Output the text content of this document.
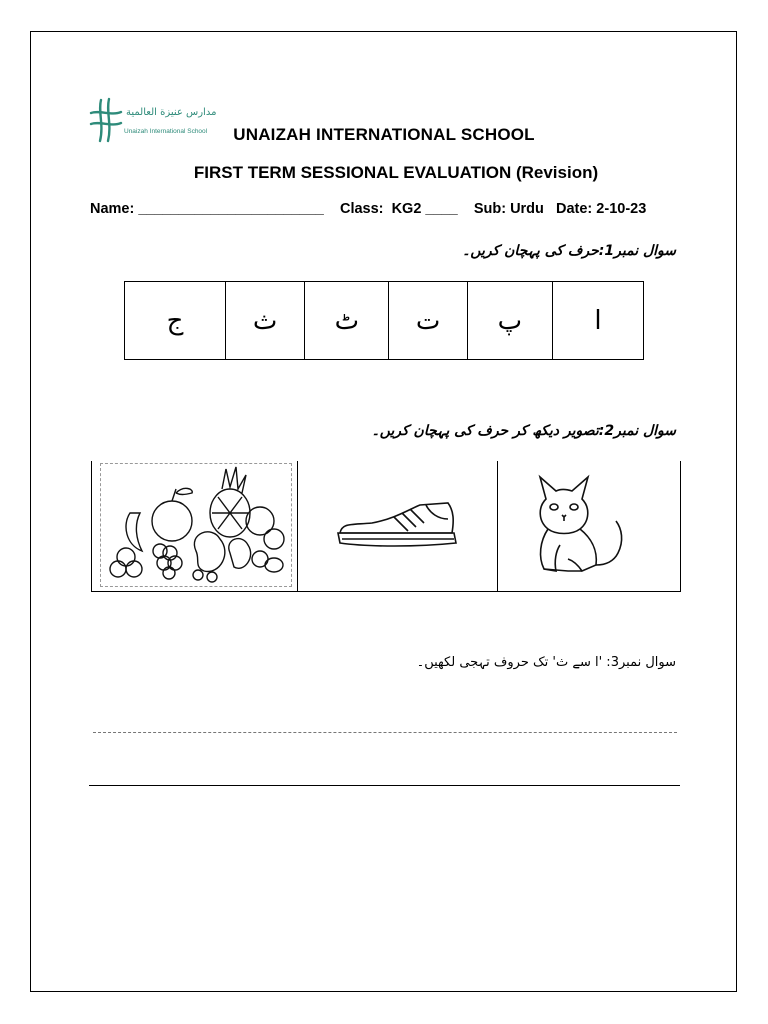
مدارس عنيزة العالمية
Unaizah International School	UNAIZAH INTERNATIONAL SCHOOL
FIRST TERM SESSIONAL EVALUATION (Revision)
Name: _______________________ Class: KG2 ____ Sub: Urdu Date: 2-10-23
سوال نمبر1:حرف کی پہچان کریں۔
ج	ث	ٹ	ت	پ	ا
سوال نمبر2:تصویر دیکھ کر حرف کی پہچان کریں۔
سوال نمبر3: 'ا سے ث' تک حروف تہجی لکھیں۔
